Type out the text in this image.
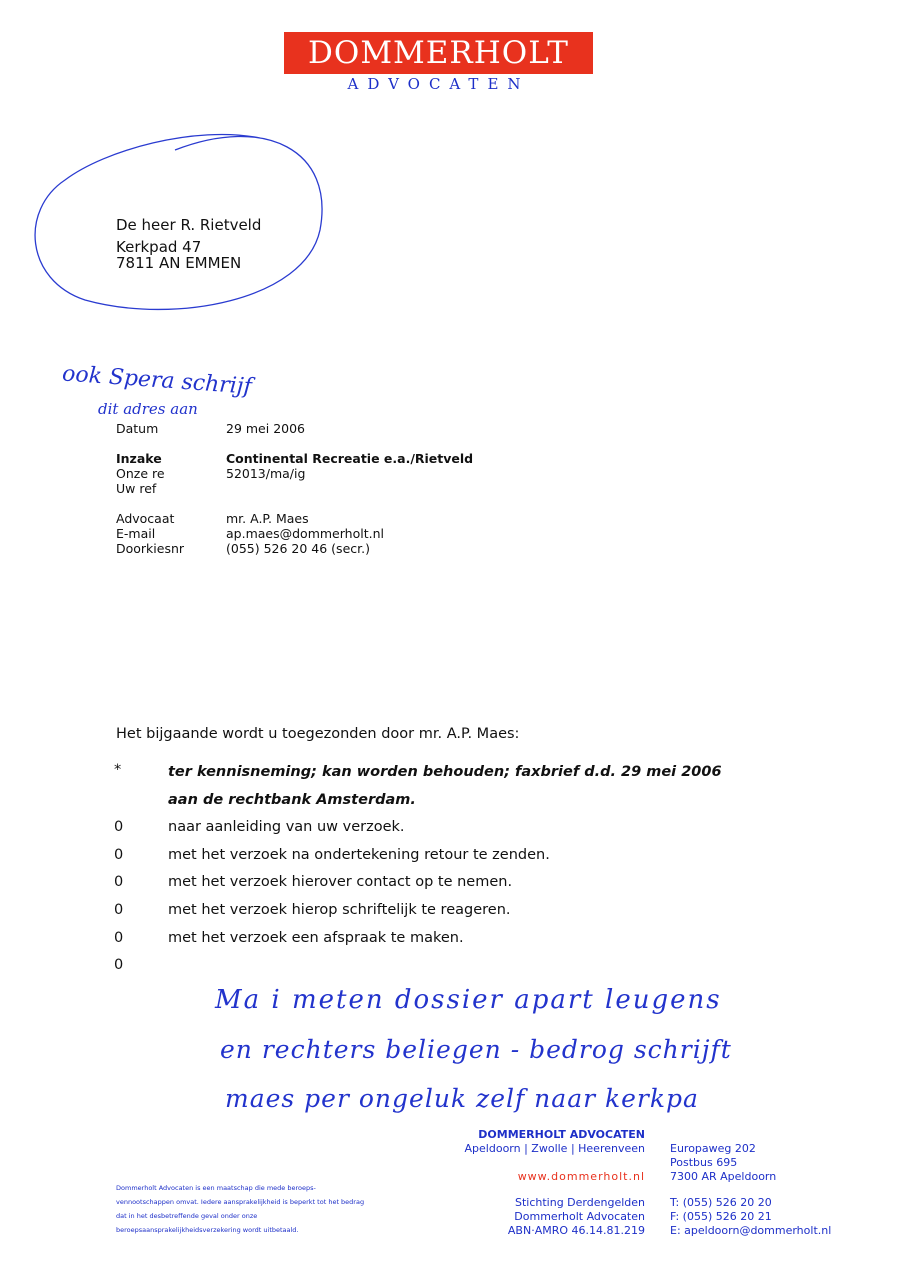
DOMMERHOLT
ADVOCATEN
De heer R. Rietveld
Kerkpad 47
7811 AN EMMEN
ook Spera schrijf
dit adres aan
Datum	29 mei 2006
Inzake	Continental Recreatie e.a./Rietveld
Onze re	52013/ma/ig
Uw ref
Advocaat	mr. A.P. Maes
E-mail	ap.maes@dommerholt.nl
Doorkiesnr	(055) 526 20 46 (secr.)
Het bijgaande wordt u toegezonden door mr. A.P. Maes:
*	ter kennisneming; kan worden behouden; faxbrief d.d. 29 mei 2006
aan de rechtbank Amsterdam.
0	naar aanleiding van uw verzoek.
0	met het verzoek na ondertekening retour te zenden.
0	met het verzoek hierover contact op te nemen.
0	met het verzoek hierop schriftelijk te reageren.
0	met het verzoek een afspraak te maken.
0
Ma i meten dossier apart leugens
en rechters beliegen - bedrog schrijft
maes per ongeluk zelf naar kerkpa
DOMMERHOLT ADVOCATEN
Apeldoorn | Zwolle | Heerenveen
www.dommerholt.nl
Stichting Derdengelden
Dommerholt Advocaten
ABN·AMRO 46.14.81.219
Europaweg 202
Postbus 695
7300 AR Apeldoorn
T: (055) 526 20 20
F: (055) 526 20 21
E: apeldoorn@dommerholt.nl
Dommerholt Advocaten is een maatschap die mede beroeps-vennootschappen omvat. Iedere aansprakelijkheid is beperkt tot het bedrag dat in het desbetreffende geval onder onze beroepsaansprakelijkheidsverzekering wordt uitbetaald.
